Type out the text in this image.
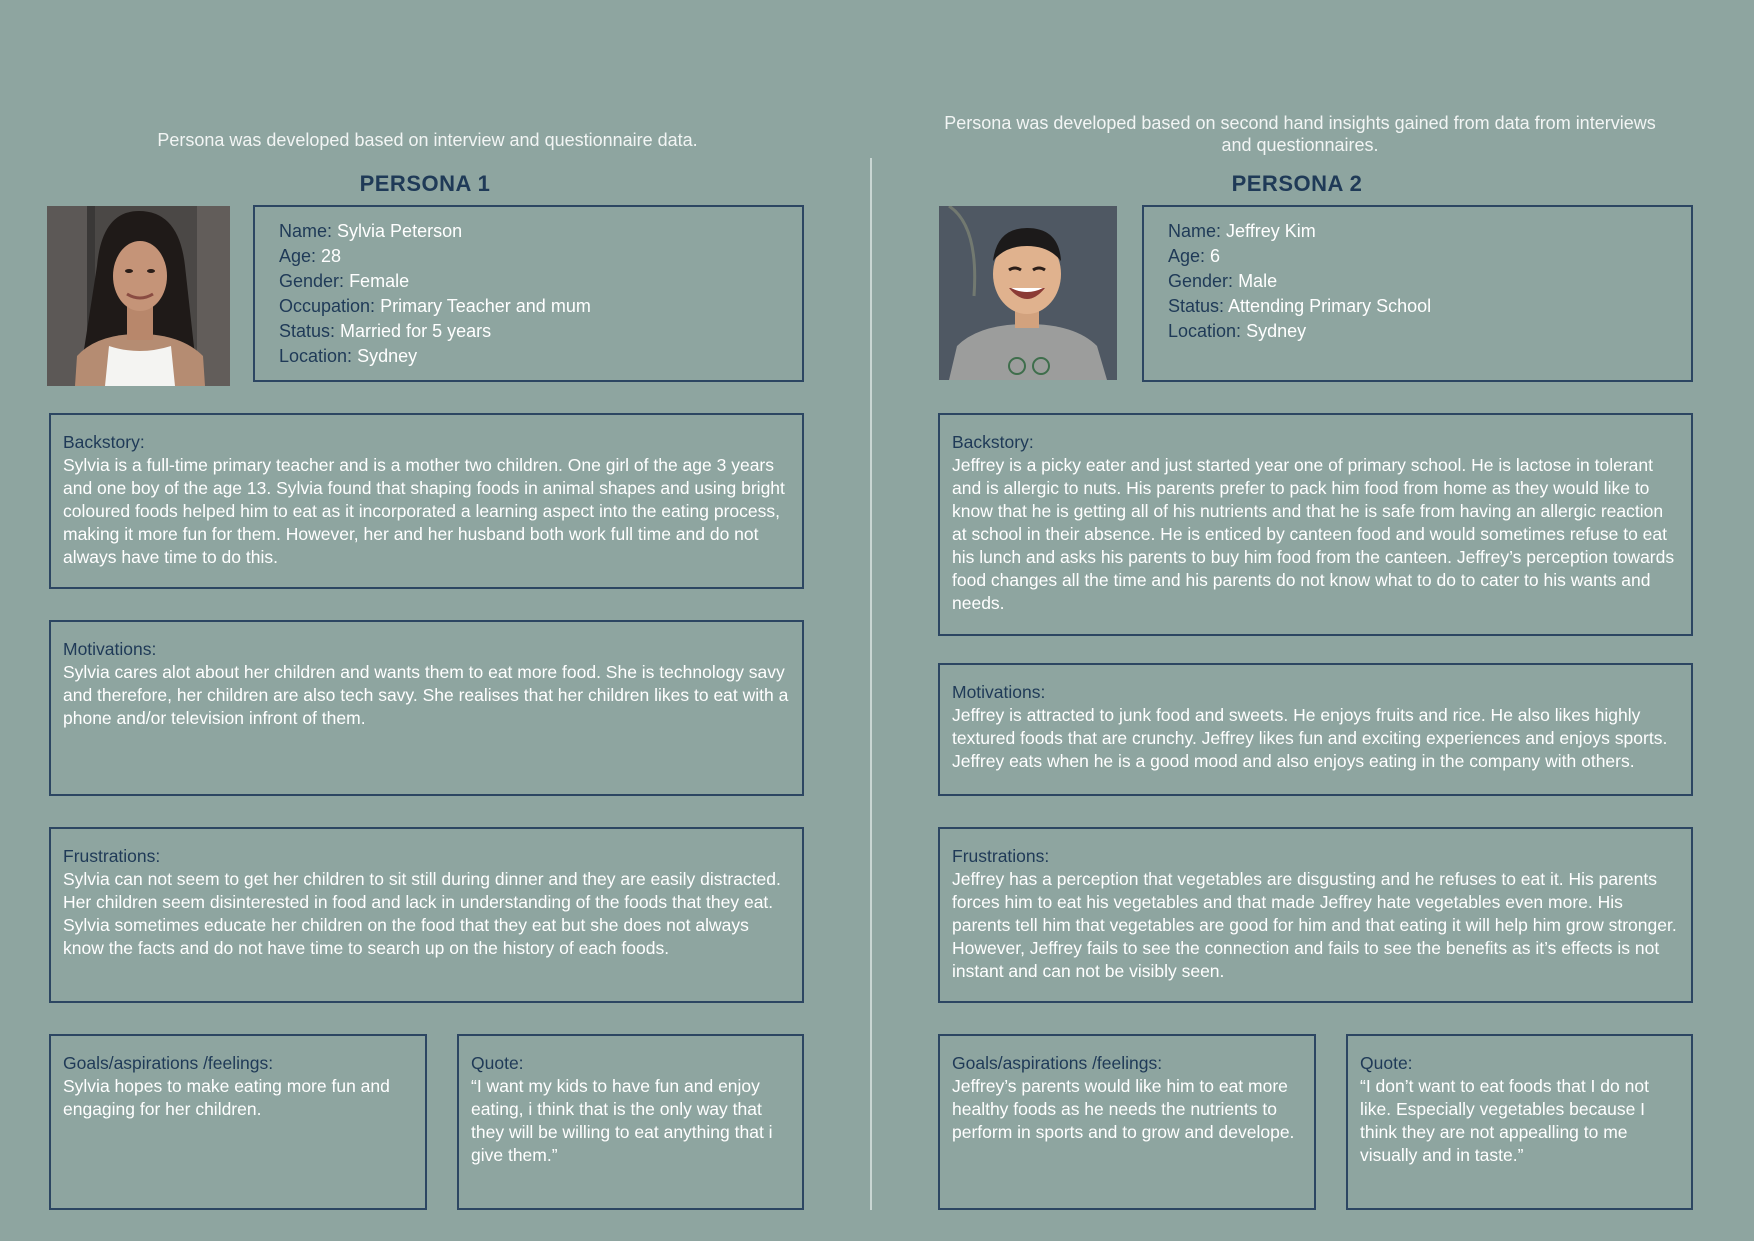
Persona was developed based on interview and questionnaire data.
PERSONA 1
Name: Sylvia Peterson
Age: 28
Gender: Female
Occupation: Primary Teacher and mum
Status: Married for 5 years
Location: Sydney
Backstory:
Sylvia is a full-time primary teacher and is a mother two children. One girl of the age 3 years and one boy of the age 13. Sylvia found that shaping foods in animal shapes and using bright coloured foods helped him to eat as it incorporated a learning aspect into the eating process, making it more fun for them. However, her and her husband both work full time and do not always have time to do this.
Motivations:
Sylvia cares alot about her children and wants them to eat more food. She is technology savy and therefore, her children are also tech savy. She realises that her children likes to eat with a phone and/or television infront of them.
Frustrations:
Sylvia can not seem to get her children to sit still during dinner and they are easily distracted. Her children seem disinterested in food and lack in understanding of the foods that they eat. Sylvia sometimes educate her children on the food that they eat but she does not always know the facts and do not have time to search up on the history of each foods.
Goals/aspirations /feelings:
Sylvia hopes to make eating more fun and engaging for her children.
Quote:
“I want my kids to have fun and enjoy eating, i think that is the only way that they will be willing to eat anything that i give them.”
Persona was developed based on second hand insights gained from data from interviews and questionnaires.
PERSONA 2
Name: Jeffrey Kim
Age: 6
Gender: Male
Status: Attending Primary School
Location: Sydney
Backstory:
Jeffrey is a picky eater and just started year one of primary school. He is lactose in tolerant and is allergic to nuts. His parents prefer to pack him food from home as they would like to know that he is getting all of his nutrients and that he is safe from having an allergic reaction at school in their absence. He is enticed by canteen food and would sometimes refuse to eat his lunch and asks his parents to buy him food from the canteen. Jeffrey’s perception towards food changes all the time and his parents do not know what to do to cater to his wants and needs.
Motivations:
Jeffrey is attracted to junk food and sweets. He enjoys fruits and rice. He also likes highly textured foods that are crunchy. Jeffrey likes fun and exciting experiences and enjoys sports. Jeffrey eats when he is a good mood and also enjoys eating in the company with others.
Frustrations:
Jeffrey has a perception that vegetables are disgusting and he refuses to eat it. His parents forces him to eat his vegetables and that made Jeffrey hate vegetables even more. His parents tell him that vegetables are good for him and that eating it will help him grow stronger. However, Jeffrey fails to see the connection and fails to see the benefits as it’s effects is not instant and can not be visibly seen.
Goals/aspirations /feelings:
Jeffrey’s parents would like him to eat more healthy foods as he needs the nutrients to perform in sports and to grow and develope.
Quote:
“I don’t want to eat foods that I do not like. Especially vegetables because I think they are not appealling to me visually and in taste.”
